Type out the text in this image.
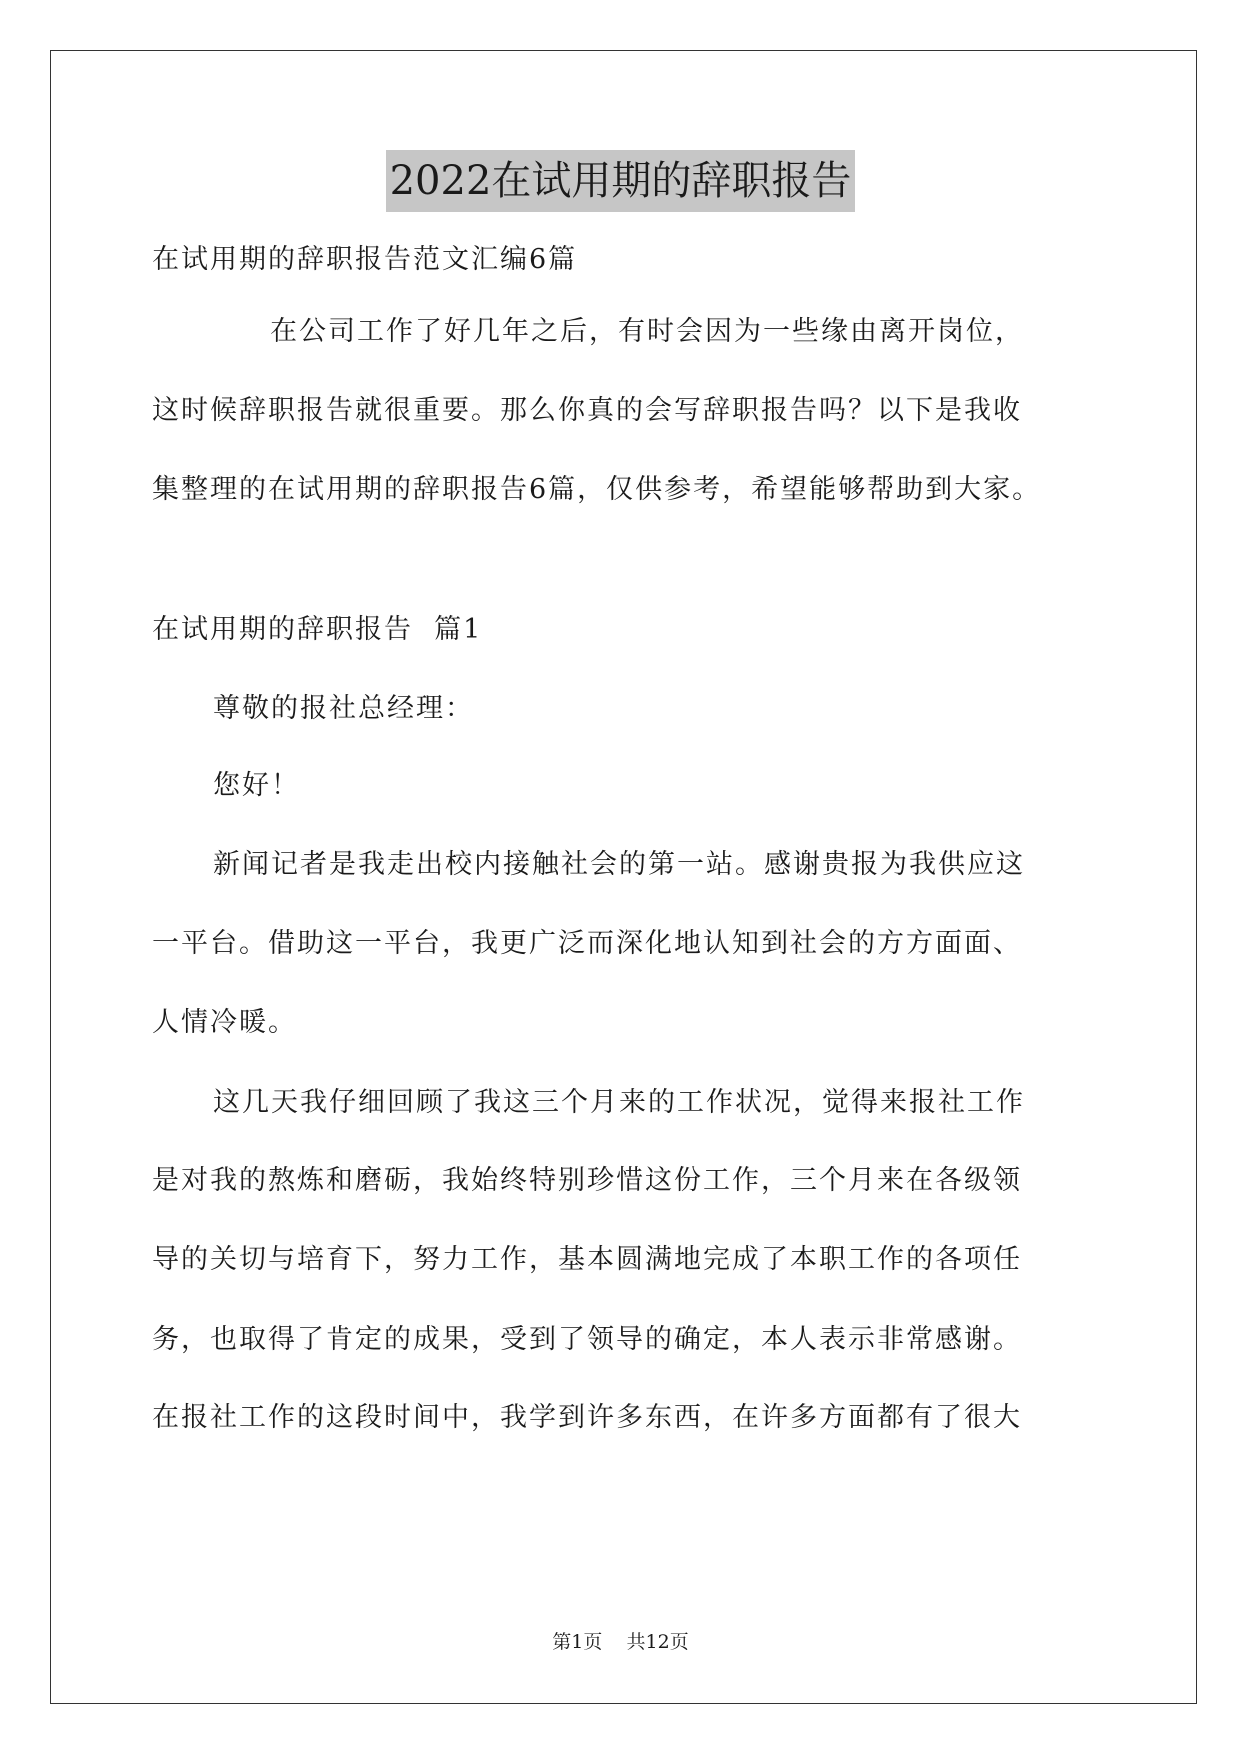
2022在试用期的辞职报告
在试用期的辞职报告范文汇编6篇
在公司工作了好几年之后，有时会因为一些缘由离开岗位，
这时候辞职报告就很重要。那么你真的会写辞职报告吗？以下是我收
集整理的在试用期的辞职报告6篇，仅供参考，希望能够帮助到大家。
在试用期的辞职报告  篇1
尊敬的报社总经理：
您好！
新闻记者是我走出校内接触社会的第一站。感谢贵报为我供应这
一平台。借助这一平台，我更广泛而深化地认知到社会的方方面面、
人情冷暖。
这几天我仔细回顾了我这三个月来的工作状况，觉得来报社工作
是对我的熬炼和磨砺，我始终特别珍惜这份工作，三个月来在各级领
导的关切与培育下，努力工作，基本圆满地完成了本职工作的各项任
务，也取得了肯定的成果，受到了领导的确定，本人表示非常感谢。
在报社工作的这段时间中，我学到许多东西，在许多方面都有了很大
第1页 共12页
